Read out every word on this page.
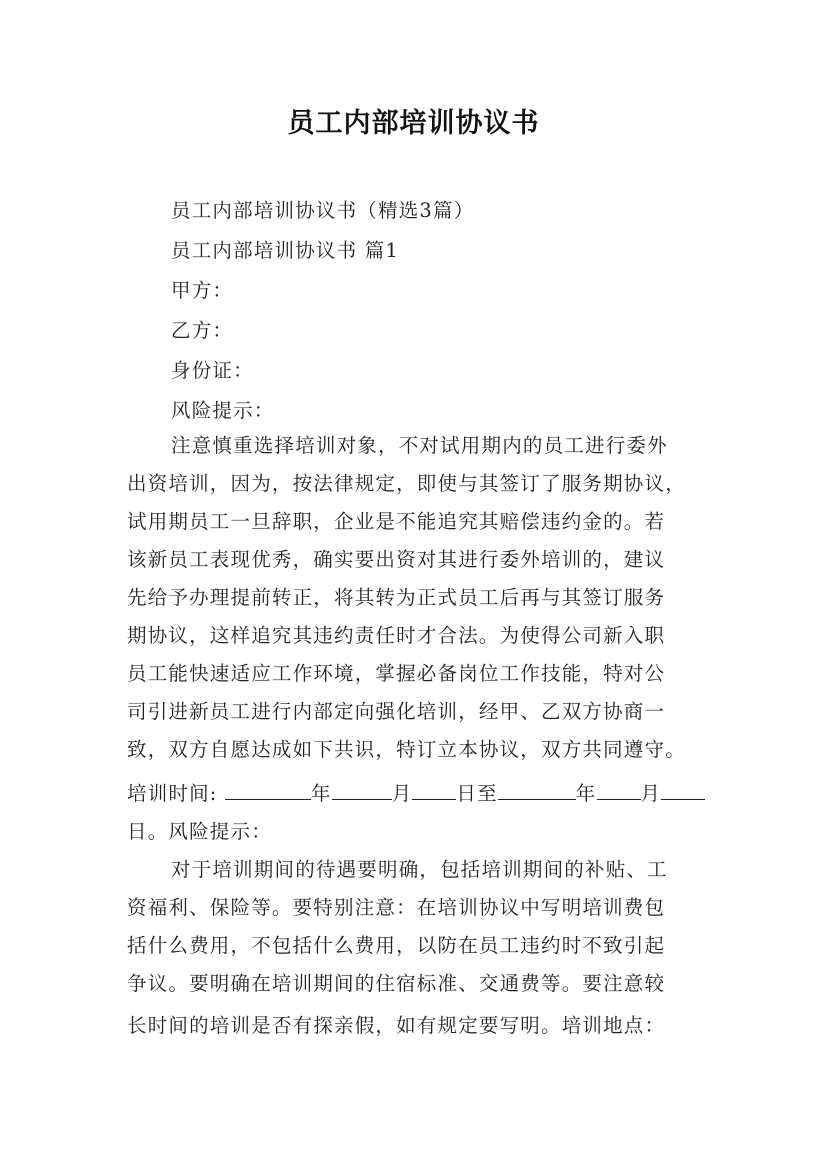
员工内部培训协议书
员工内部培训协议书（精选3篇）
员工内部培训协议书 篇1
甲方：
乙方：
身份证：
风险提示：
注意慎重选择培训对象，不对试用期内的员工进行委外
出资培训，因为，按法律规定，即使与其签订了服务期协议，
试用期员工一旦辞职，企业是不能追究其赔偿违约金的。若
该新员工表现优秀，确实要出资对其进行委外培训的，建议
先给予办理提前转正，将其转为正式员工后再与其签订服务
期协议，这样追究其违约责任时才合法。为使得公司新入职
员工能快速适应工作环境，掌握必备岗位工作技能，特对公
司引进新员工进行内部定向强化培训，经甲、乙双方协商一
致，双方自愿达成如下共识，特订立本协议，双方共同遵守。
培训时间:	年	月 日至	年 月
日。风险提示：
对于培训期间的待遇要明确，包括培训期间的补贴、工
资福利、保险等。要特别注意：在培训协议中写明培训费包
括什么费用，不包括什么费用，以防在员工违约时不致引起
争议。要明确在培训期间的住宿标准、交通费等。要注意较
长时间的培训是否有探亲假，如有规定要写明。培训地点：
